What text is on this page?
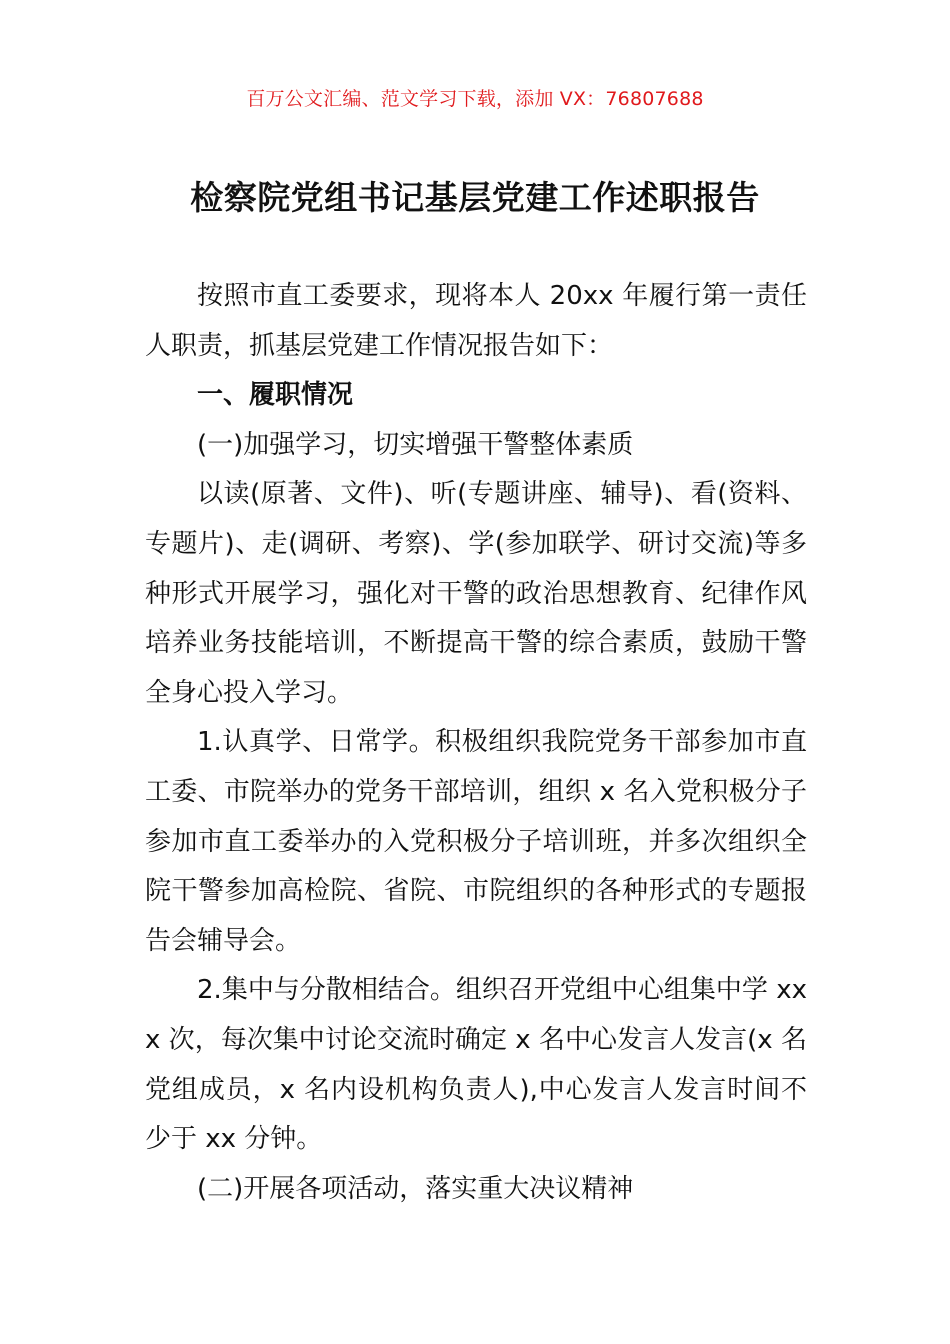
百万公文汇编、范文学习下载，添加 VX：76807688
检察院党组书记基层党建工作述职报告

按照市直工委要求，现将本人 20xx 年履行第一责任人职责，抓基层党建工作情况报告如下：

一、履职情况

(一)加强学习，切实增强干警整体素质

以读(原著、文件)、听(专题讲座、辅导)、看(资料、专题片)、走(调研、考察)、学(参加联学、研讨交流)等多种形式开展学习，强化对干警的政治思想教育、纪律作风培养业务技能培训，不断提高干警的综合素质，鼓励干警全身心投入学习。

1.认真学、日常学。积极组织我院党务干部参加市直工委、市院举办的党务干部培训，组织 x 名入党积极分子参加市直工委举办的入党积极分子培训班，并多次组织全院干警参加高检院、省院、市院组织的各种形式的专题报告会辅导会。

2.集中与分散相结合。组织召开党组中心组集中学 xxx 次，每次集中讨论交流时确定 x 名中心发言人发言(x 名党组成员，x 名内设机构负责人),中心发言人发言时间不少于 xx 分钟。

(二)开展各项活动，落实重大决议精神
